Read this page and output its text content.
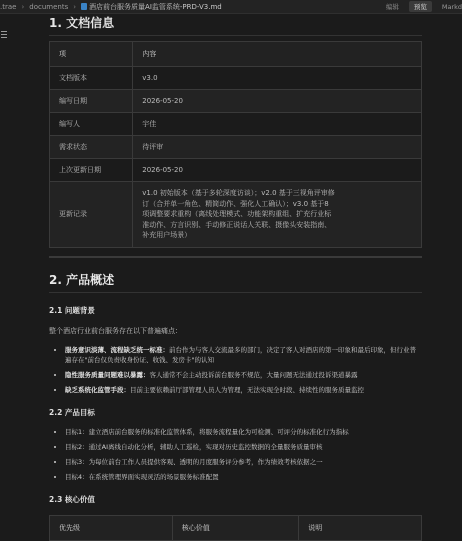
.trae › documents › 酒店前台服务质量AI监管系统-PRD-V3.md	编辑	预览	Markd
1. 文档信息
项	内容
文档版本	v3.0
编写日期	2026-05-20
编写人	宇佳
需求状态	待评审
上次更新日期	2026-05-20
更新记录	v1.0 初始版本（基于多轮深度访谈）；v2.0 基于三视角评审修
订（合并单一角色、精简动作、强化人工确认）；v3.0 基于8
项调整要求重构（离线处理模式、功能架构重组、扩充行业标
准动作、方言识别、手动修正说话人关联、摄像头安装指南、
补充用户场景）
2. 产品概述
2.1 问题背景

整个酒店行业前台服务存在以下普遍痛点：

• 服务意识淡薄、流程缺乏统一标准：前台作为与客人交流最多的部门，决定了客人对酒店的第一印象和最后印象，但行业普遍存在"前台仅负责收身份证、收钱、发房卡"的认知
• 隐性服务质量问题难以暴露：客人通常不会主动投诉前台服务不规范，大量问题无法通过投诉渠道暴露
• 缺乏系统化监管手段：目前主要依赖前厅部管理人员人为管理，无法实现全时段、持续性的服务质量监控
2.2 产品目标
• 目标1：建立酒店前台服务的标准化监管体系，将服务流程量化为可检测、可评分的标准化行为指标
• 目标2：通过AI离线自动化分析，辅助人工巡检，实现对历史监控数据的全量服务质量审核
• 目标3：为每位前台工作人员提供客观、透明的月度服务评分参考，作为绩效考核依据之一
• 目标4：在系统管理界面实现灵活的场景服务标准配置
2.3 核心价值
优先级	核心价值	说明
